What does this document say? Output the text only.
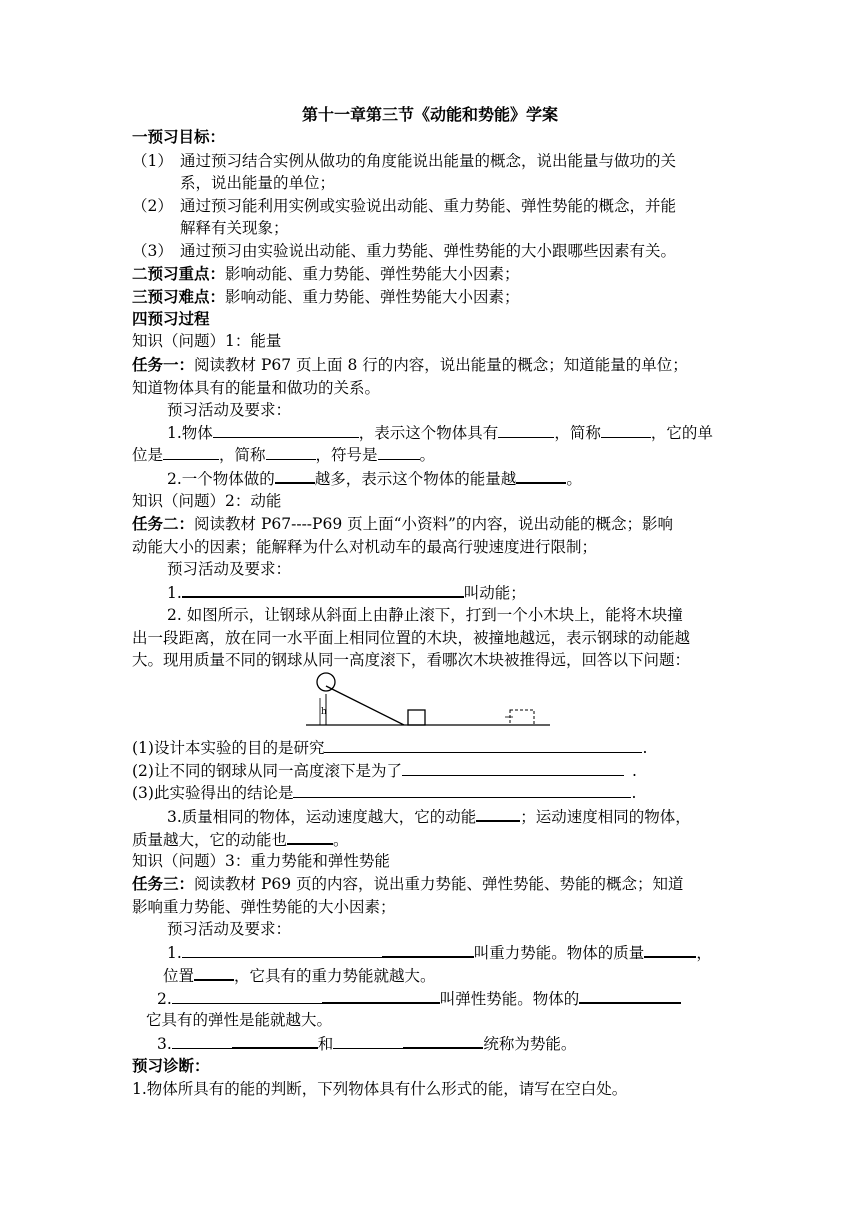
第十一章第三节《动能和势能》学案
一预习目标：
（1） 通过预习结合实例从做功的角度能说出能量的概念，说出能量与做功的关
系，说出能量的单位；
（2） 通过预习能利用实例或实验说出动能、重力势能、弹性势能的概念，并能
解释有关现象；
（3） 通过预习由实验说出动能、重力势能、弹性势能的大小跟哪些因素有关。
二预习重点：影响动能、重力势能、弹性势能大小因素；
三预习难点：影响动能、重力势能、弹性势能大小因素；
四预习过程
知识（问题）1：能量
任务一：阅读教材 P67 页上面 8 行的内容，说出能量的概念；知道能量的单位；
知道物体具有的能量和做功的关系。
预习活动及要求：
1.物体	，表示这个物体具有	，简称	，它的单
位是	，简称	，符号是	。
2.一个物体做的	越多，表示这个物体的能量越	。
知识（问题）2：动能
任务二：阅读教材 P67----P69 页上面“小资料”的内容，说出动能的概念；影响
动能大小的因素；能解释为什么对机动车的最高行驶速度进行限制；
预习活动及要求：
1.	叫动能；
2. 如图所示，让钢球从斜面上由静止滚下，打到一个小木块上，能将木块撞
出一段距离，放在同一水平面上相同位置的木块，被撞地越远，表示钢球的动能越
大。现用质量不同的钢球从同一高度滚下，看哪次木块被推得远，回答以下问题：
h
(1)设计本实验的目的是研究	.
(2)让不同的钢球从同一高度滚下是为了	.
(3)此实验得出的结论是	.
3.质量相同的物体，运动速度越大，它的动能	；运动速度相同的物体，
质量越大，它的动能也	。
知识（问题）3：重力势能和弹性势能
任务三：阅读教材 P69 页的内容，说出重力势能、弹性势能、势能的概念；知道
影响重力势能、弹性势能的大小因素；
预习活动及要求：
1.	叫重力势能。物体的质量	，
位置	，它具有的重力势能就越大。
2.	叫弹性势能。物体的
它具有的弹性是能就越大。
3.	和	统称为势能。
预习诊断：
1.物体所具有的能的判断，下列物体具有什么形式的能，请写在空白处。
